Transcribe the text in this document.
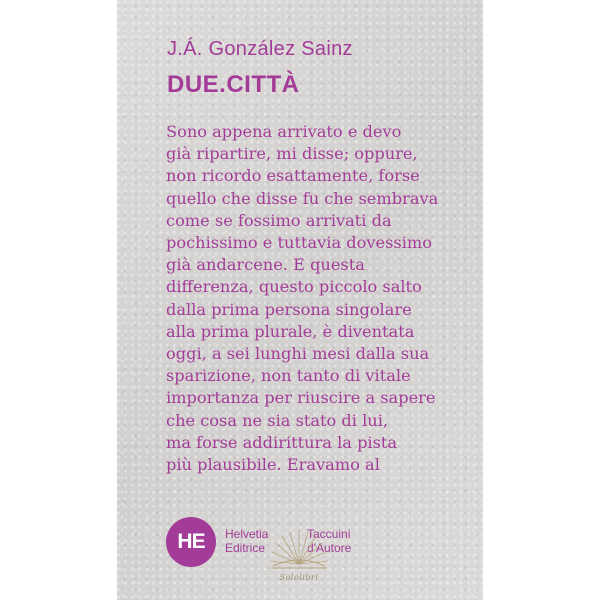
J.Á. González Sainz
DUE.CITTÀ
Sono appena arrivato e devo
già ripartire, mi disse; oppure,
non ricordo esattamente, forse
quello che disse fu che sembrava
come se fossimo arrivati da
pochissimo e tuttavia dovessimo
già andarcene. E questa
differenza, questo piccolo salto
dalla prima persona singolare
alla prima plurale, è diventata
oggi, a sei lunghi mesi dalla sua
sparizione, non tanto di vitale
importanza per riuscire a sapere
che cosa ne sia stato di lui,
ma forse addirittura la pista
più plausibile. Eravamo al
HE Helvetia
Editrice
Taccuini
d'Autore
Sololibri
